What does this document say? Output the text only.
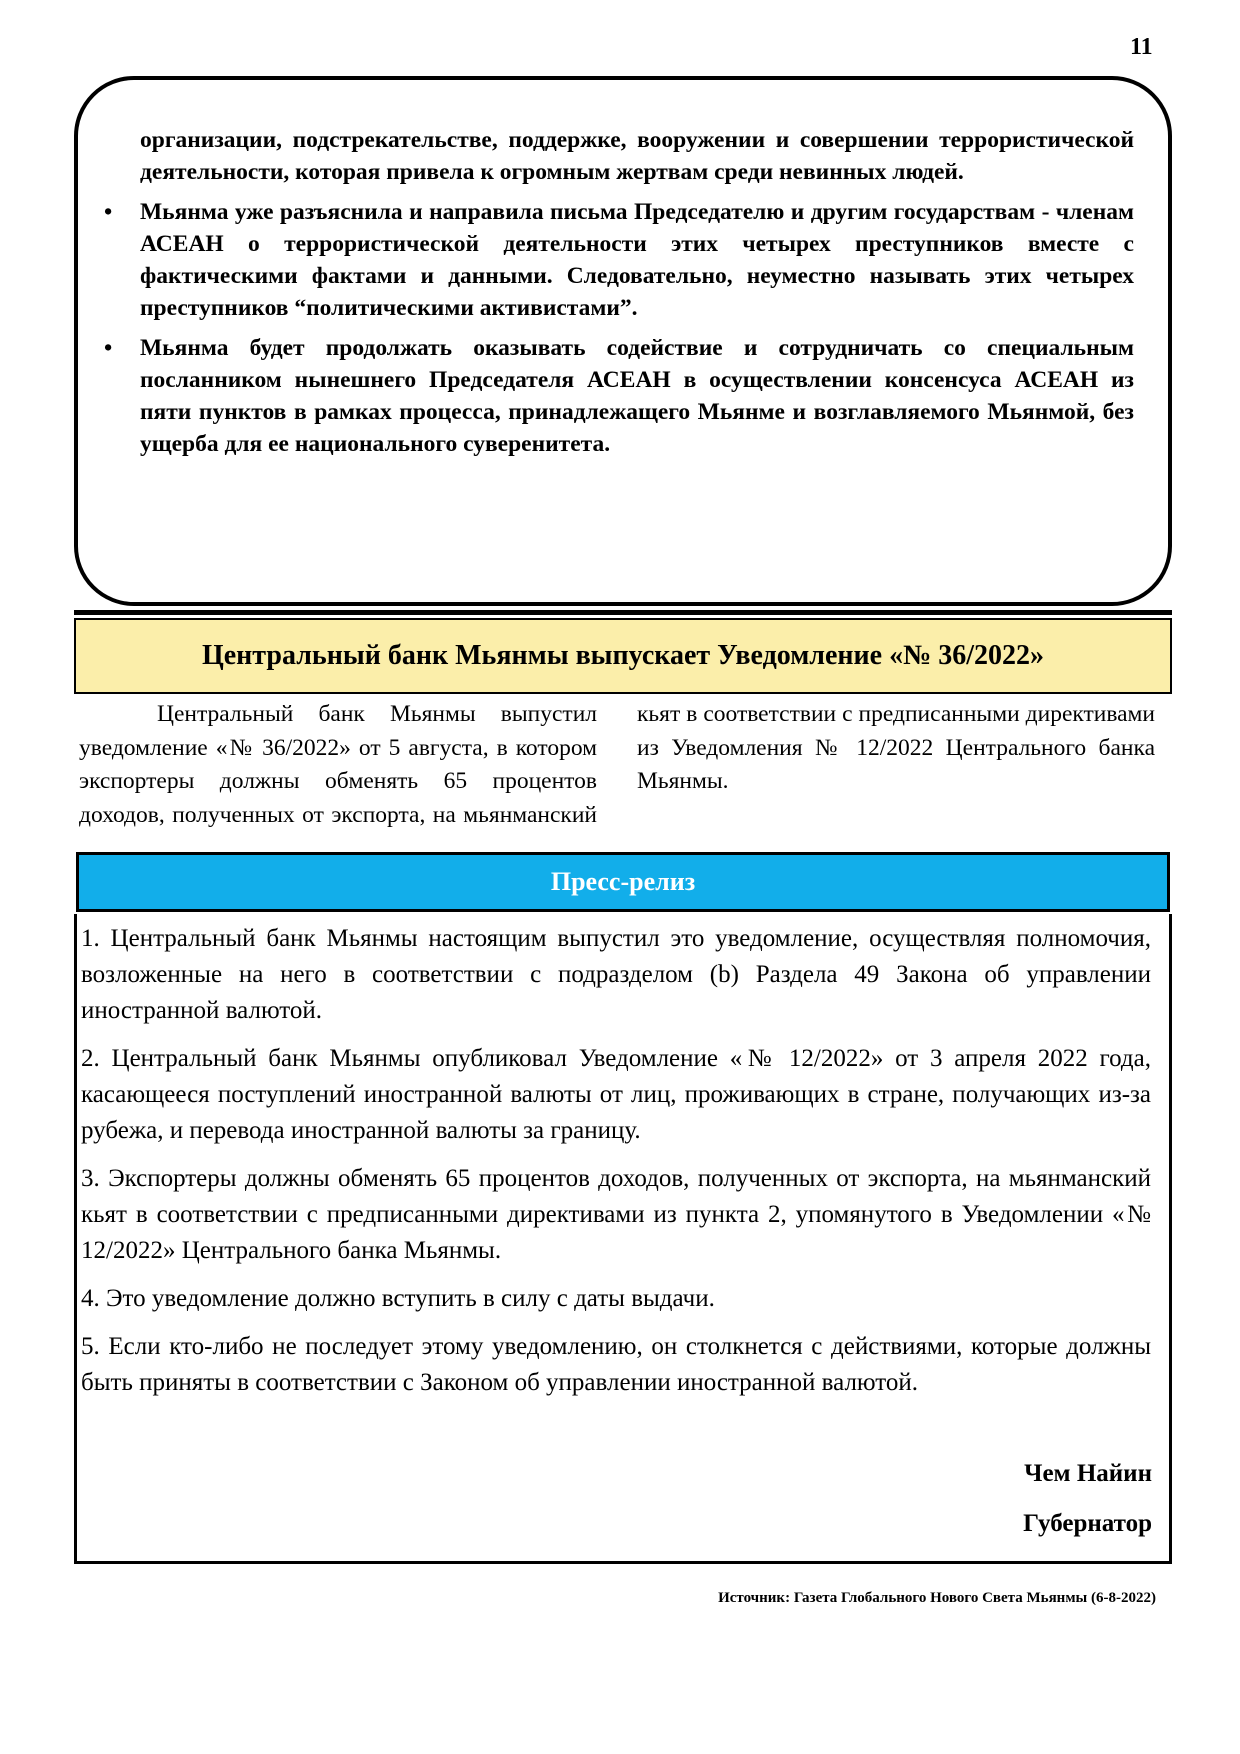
11

организации, подстрекательстве, поддержке, вооружении и совершении террористической деятельности, которая привела к огромным жертвам среди невинных людей.

• Мьянма уже разъяснила и направила письма Председателю и другим государствам - членам АСЕАН о террористической деятельности этих четырех преступников вместе с фактическими фактами и данными. Следовательно, неуместно называть этих четырех преступников “политическими активистами”.
• Мьянма будет продолжать оказывать содействие и сотрудничать со специальным посланником нынешнего Председателя АСЕАН в осуществлении консенсуса АСЕАН из пяти пунктов в рамках процесса, принадлежащего Мьянме и возглавляемого Мьянмой, без ущерба для ее национального суверенитета.
Центральный банк Мьянмы выпускает Уведомление «№ 36/2022»

Центральный банк Мьянмы выпустил уведомление «№ 36/2022» от 5 августа, в котором экспортеры должны обменять 65 процентов доходов, полученных от экспорта, на мьянманский кьят в соответствии с предписанными директивами из Уведомления № 12/2022 Центрального банка Мьянмы.

Пресс-релиз

1. Центральный банк Мьянмы настоящим выпустил это уведомление, осуществляя полномочия, возложенные на него в соответствии с подразделом (b) Раздела 49 Закона об управлении иностранной валютой.

2. Центральный банк Мьянмы опубликовал Уведомление «№ 12/2022» от 3 апреля 2022 года, касающееся поступлений иностранной валюты от лиц, проживающих в стране, получающих из-за рубежа, и перевода иностранной валюты за границу.

3. Экспортеры должны обменять 65 процентов доходов, полученных от экспорта, на мьянманский кьят в соответствии с предписанными директивами из пункта 2, упомянутого в Уведомлении «№ 12/2022» Центрального банка Мьянмы.

4. Это уведомление должно вступить в силу с даты выдачи.

5. Если кто-либо не последует этому уведомлению, он столкнется с действиями, которые должны быть приняты в соответствии с Законом об управлении иностранной валютой.

Чем Найин
Губернатор
Источник: Газета Глобального Нового Света Мьянмы (6-8-2022)
